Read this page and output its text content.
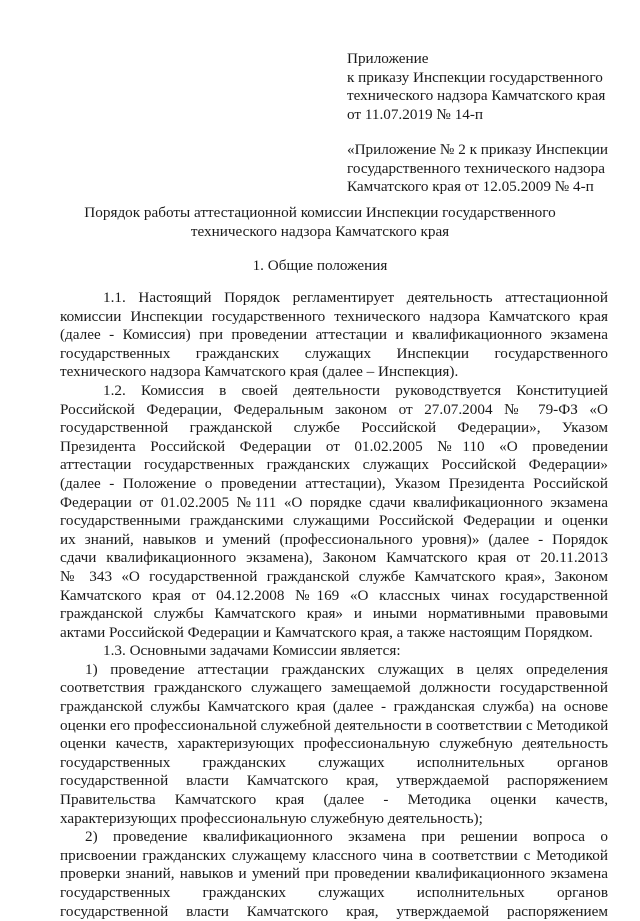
Приложение
к приказу Инспекции государственного
технического надзора Камчатского края
от 11.07.2019 № 14-п
«Приложение № 2 к приказу Инспекции
государственного технического надзора
Камчатского края от 12.05.2009 № 4-п
Порядок работы аттестационной комиссии Инспекции государственного
технического надзора Камчатского края
1. Общие положения
1.1. Настоящий Порядок регламентирует деятельность аттестационной
комиссии Инспекции государственного технического надзора Камчатского края
(далее - Комиссия) при проведении аттестации и квалификационного экзамена
государственных гражданских служащих Инспекции государственного
технического надзора Камчатского края (далее – Инспекция).
1.2. Комиссия в своей деятельности руководствуется Конституцией
Российской Федерации, Федеральным законом от 27.07.2004 № 79-ФЗ «О
государственной гражданской службе Российской Федерации», Указом
Президента Российской Федерации от 01.02.2005 №110 «О проведении
аттестации государственных гражданских служащих Российской Федерации»
(далее - Положение о проведении аттестации), Указом Президента Российской
Федерации от 01.02.2005 №111 «О порядке сдачи квалификационного экзамена
государственными гражданскими служащими Российской Федерации и оценки
их знаний, навыков и умений (профессионального уровня)» (далее - Порядок
сдачи квалификационного экзамена), Законом Камчатского края от 20.11.2013
№ 343 «О государственной гражданской службе Камчатского края», Законом
Камчатского края от 04.12.2008 №169 «О классных чинах государственной
гражданской службы Камчатского края» и иными нормативными правовыми
актами Российской Федерации и Камчатского края, а также настоящим Порядком.
1.3. Основными задачами Комиссии является:
1) проведение аттестации гражданских служащих в целях определения
соответствия гражданского служащего замещаемой должности государственной
гражданской службы Камчатского края (далее - гражданская служба) на основе
оценки его профессиональной служебной деятельности в соответствии с Методикой
оценки качеств, характеризующих профессиональную служебную деятельность
государственных гражданских служащих исполнительных органов
государственной власти Камчатского края, утверждаемой распоряжением
Правительства Камчатского края (далее - Методика оценки качеств,
характеризующих профессиональную служебную деятельность);
2) проведение квалификационного экзамена при решении вопроса о
присвоении гражданских служащему классного чина в соответствии с Методикой
проверки знаний, навыков и умений при проведении квалификационного экзамена
государственных гражданских служащих исполнительных органов
государственной власти Камчатского края, утверждаемой распоряжением
